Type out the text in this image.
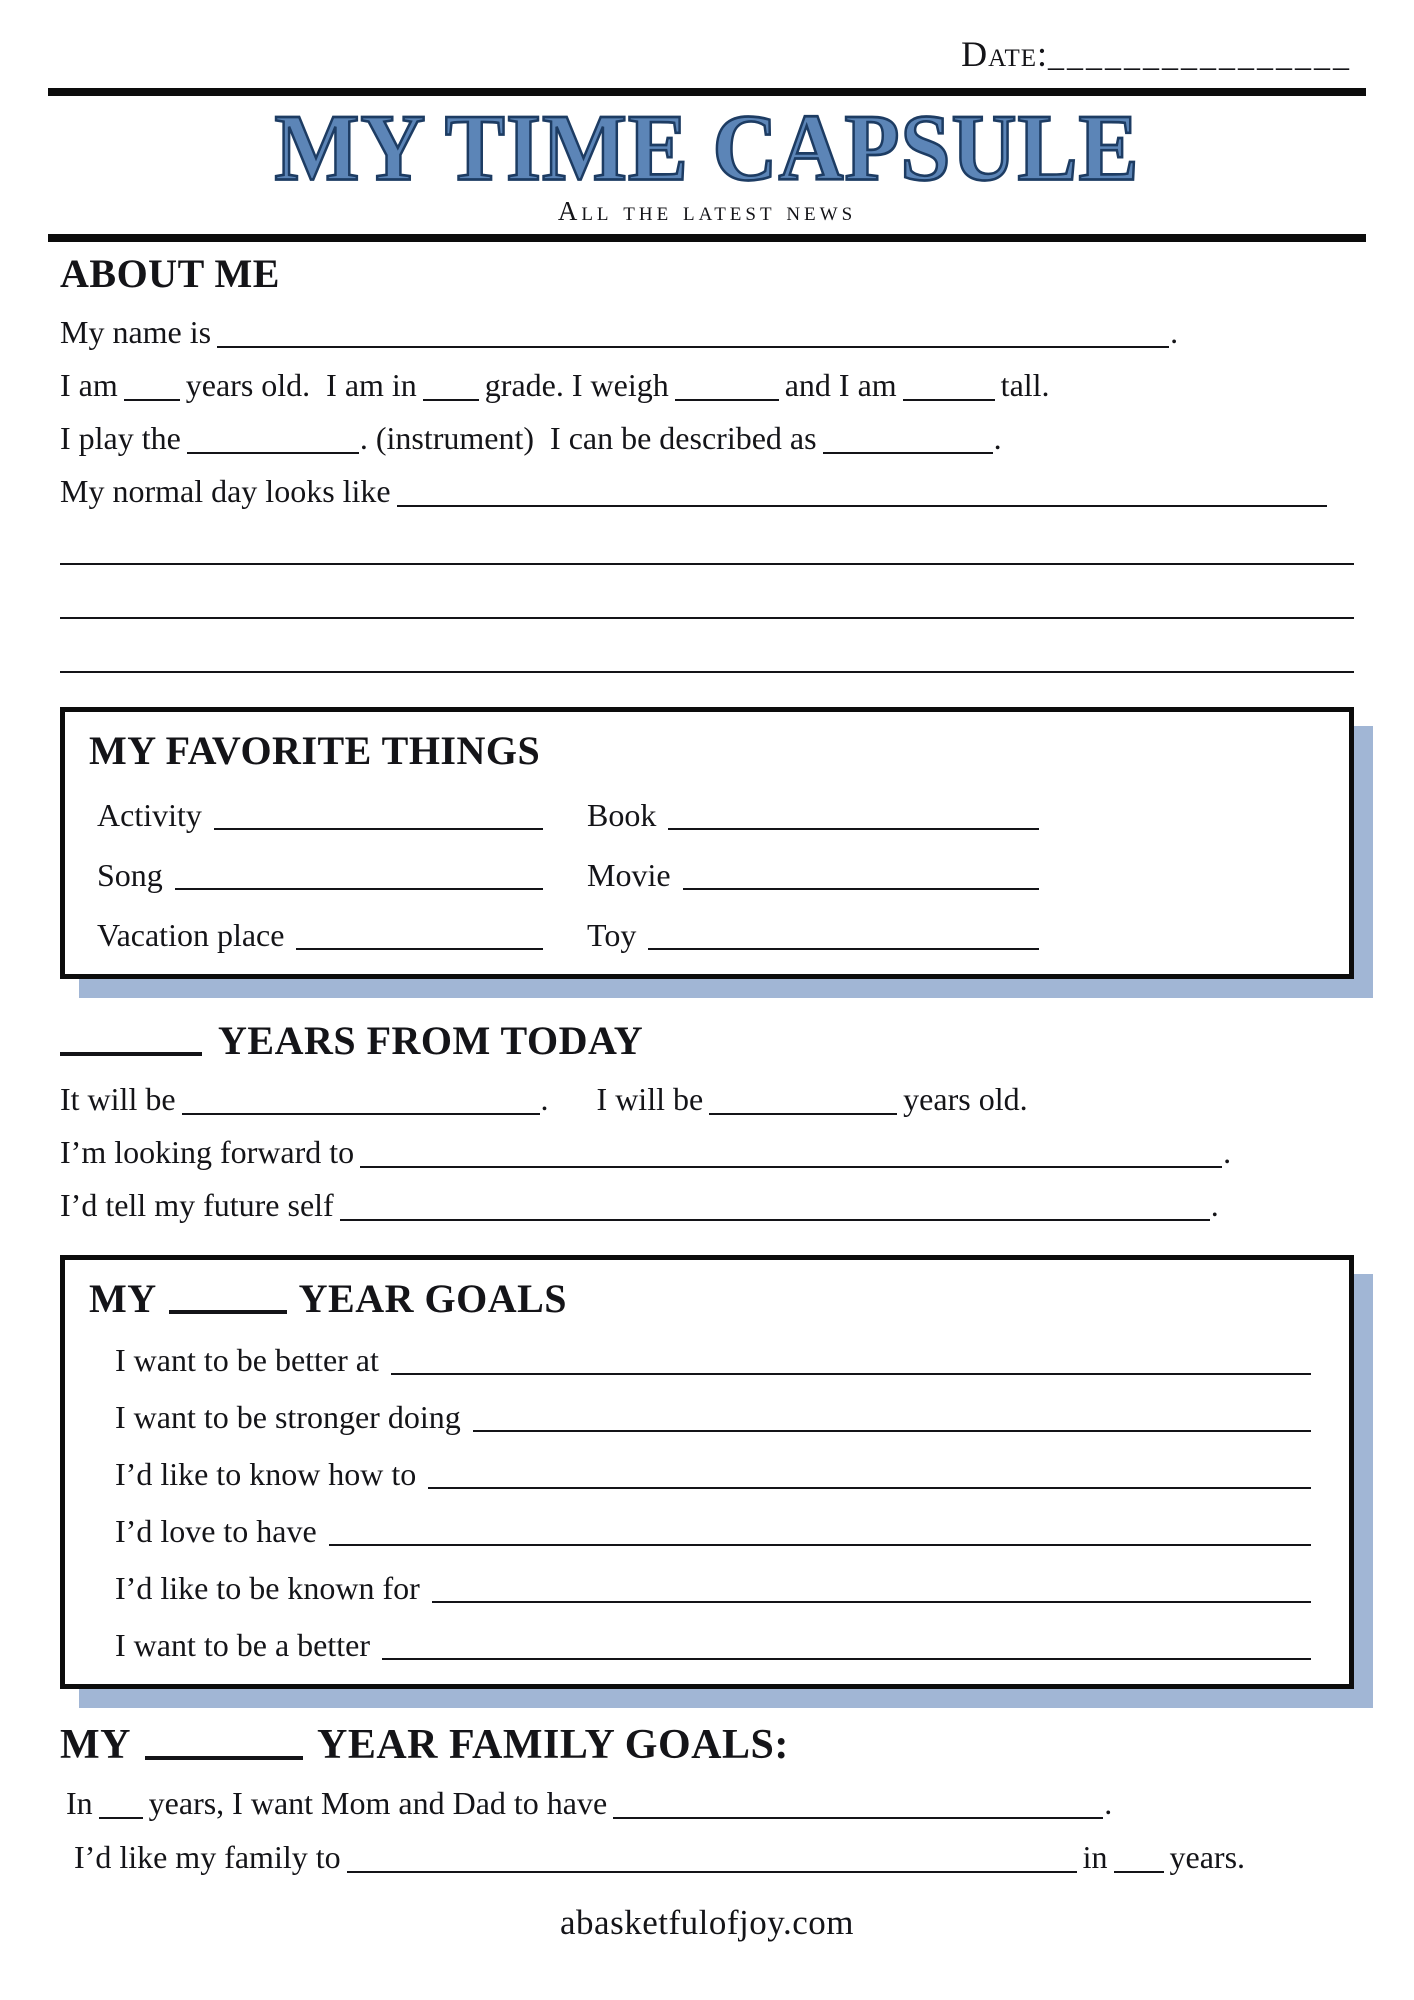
Date:________________
MY TIME CAPSULE
All the latest news
ABOUT ME
My name is	.
I am years old. I am in grade. I weigh	and I am	tall.
I play the	. (instrument) I can be described as	.
My normal day looks like
MY FAVORITE THINGS
Activity	Book
Song	Movie
Vacation place	Toy
YEARS FROM TODAY
It will be	. I will be	years old.
I’m looking forward to	.
I’d tell my future self	.
MY	YEAR GOALS
I want to be better at
I want to be stronger doing
I’d like to know how to
I’d love to have
I’d like to be known for
I want to be a better
MY	YEAR FAMILY GOALS:
In years, I want Mom and Dad to have	.
I’d like my family to	in years.
abasketfulofjoy.com
